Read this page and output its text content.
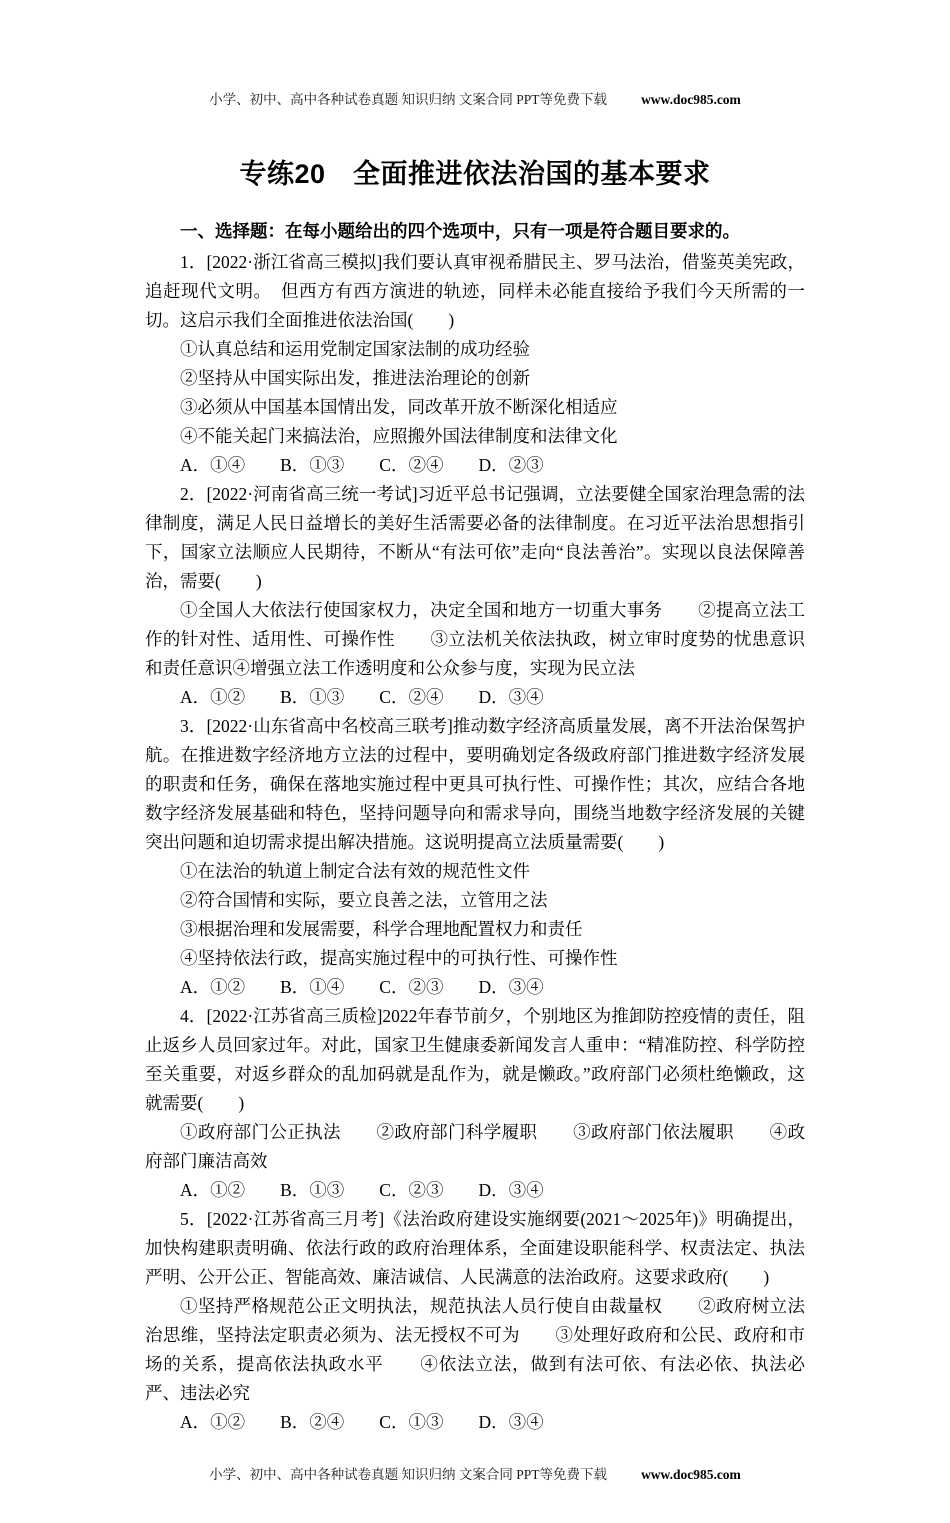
小学、初中、高中各种试卷真题 知识归纳 文案合同 PPT等免费下载	www.doc985.com
专练20　全面推进依法治国的基本要求

一、选择题：在每小题给出的四个选项中，只有一项是符合题目要求的。

1．[2022·浙江省高三模拟]我们要认真审视希腊民主、罗马法治，借鉴英美宪政，追赶现代文明。　但西方有西方演进的轨迹，同样未必能直接给予我们今天所需的一切。这启示我们全面推进依法治国(　　)

①认真总结和运用党制定国家法制的成功经验

②坚持从中国实际出发，推进法治理论的创新

③必须从中国基本国情出发，同改革开放不断深化相适应

④不能关起门来搞法治，应照搬外国法律制度和法律文化

A．①④　　B．①③　　C．②④　　D．②③

2．[2022·河南省高三统一考试]习近平总书记强调，立法要健全国家治理急需的法律制度，满足人民日益增长的美好生活需要必备的法律制度。在习近平法治思想指引下，国家立法顺应人民期待，不断从“有法可依”走向“良法善治”。实现以良法保障善治，需要(　　)

①全国人大依法行使国家权力，决定全国和地方一切重大事务　　②提高立法工作的针对性、适用性、可操作性　　③立法机关依法执政，树立审时度势的忧患意识和责任意识④增强立法工作透明度和公众参与度，实现为民立法

A．①②　　B．①③　　C．②④　　D．③④

3．[2022·山东省高中名校高三联考]推动数字经济高质量发展，离不开法治保驾护航。在推进数字经济地方立法的过程中，要明确划定各级政府部门推进数字经济发展的职责和任务，确保在落地实施过程中更具可执行性、可操作性；其次，应结合各地数字经济发展基础和特色，坚持问题导向和需求导向，围绕当地数字经济发展的关键突出问题和迫切需求提出解决措施。这说明提高立法质量需要(　　)

①在法治的轨道上制定合法有效的规范性文件

②符合国情和实际，要立良善之法，立管用之法

③根据治理和发展需要，科学合理地配置权力和责任

④坚持依法行政，提高实施过程中的可执行性、可操作性

A．①②　　B．①④　　C．②③　　D．③④

4．[2022·江苏省高三质检]2022年春节前夕，个别地区为推卸防控疫情的责任，阻止返乡人员回家过年。对此，国家卫生健康委新闻发言人重申：“精准防控、科学防控至关重要，对返乡群众的乱加码就是乱作为，就是懒政。”政府部门必须杜绝懒政，这就需要(　　)

①政府部门公正执法　　②政府部门科学履职　　③政府部门依法履职　　④政府部门廉洁高效

A．①②　　B．①③　　C．②③　　D．③④

5．[2022·江苏省高三月考]《法治政府建设实施纲要(2021～2025年)》明确提出，加快构建职责明确、依法行政的政府治理体系，全面建设职能科学、权责法定、执法严明、公开公正、智能高效、廉洁诚信、人民满意的法治政府。这要求政府(　　)

①坚持严格规范公正文明执法，规范执法人员行使自由裁量权　　②政府树立法治思维，坚持法定职责必须为、法无授权不可为　　③处理好政府和公民、政府和市场的关系，提高依法执政水平　　④依法立法，做到有法可依、有法必依、执法必严、违法必究

A．①②　　B．②④　　C．①③　　D．③④

小学、初中、高中各种试卷真题 知识归纳 文案合同 PPT等免费下载	www.doc985.com
